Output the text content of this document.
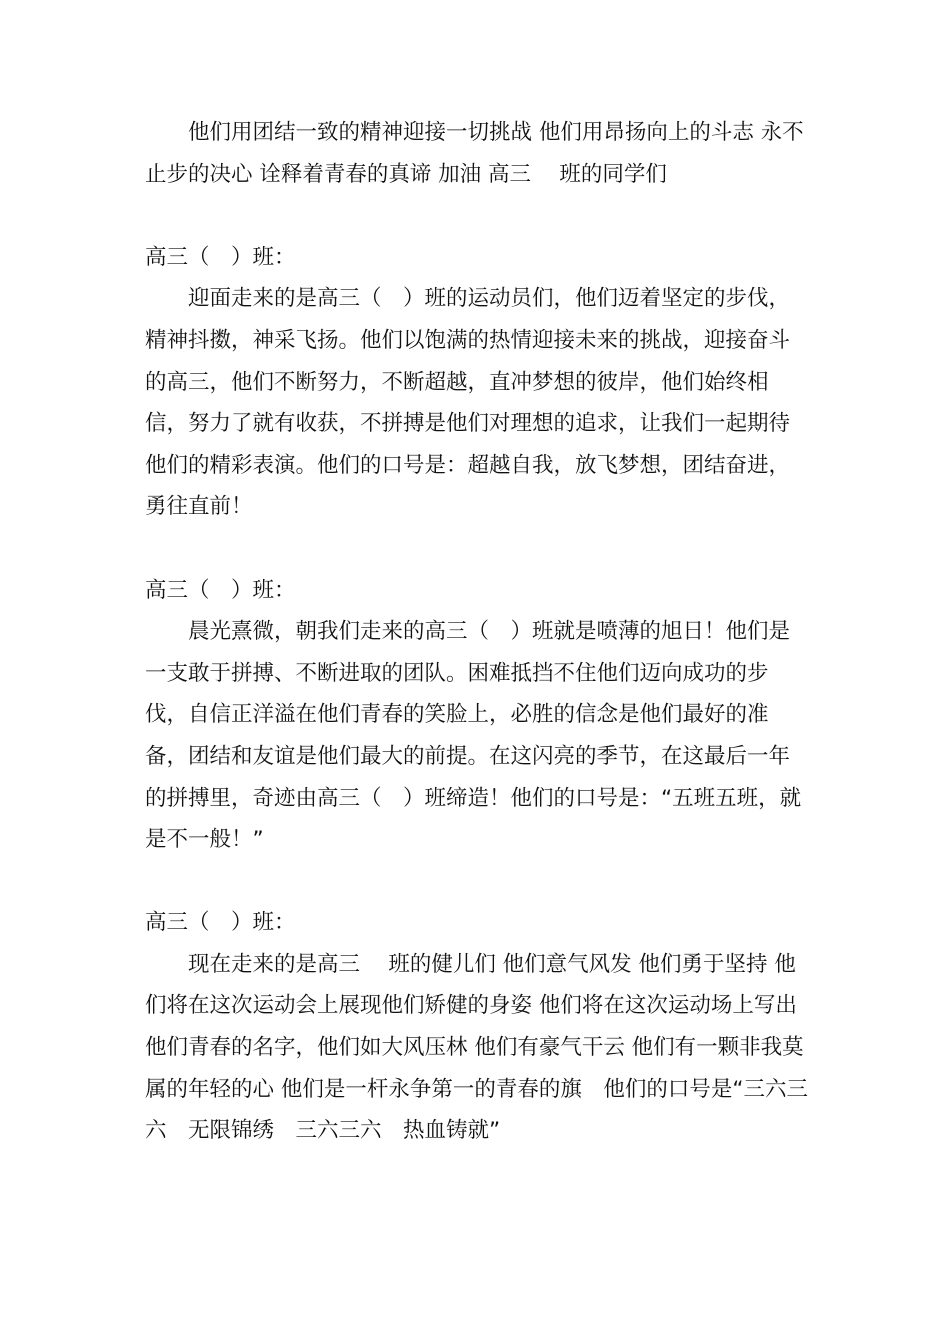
他们用团结一致的精神迎接一切挑战 他们用昂扬向上的斗志 永不止步的决心 诠释着青春的真谛 加油 高三　 班的同学们

高三（　）班：

迎面走来的是高三（　）班的运动员们，他们迈着坚定的步伐，精神抖擞，神采飞扬。他们以饱满的热情迎接未来的挑战，迎接奋斗的高三，他们不断努力，不断超越，直冲梦想的彼岸，他们始终相信，努力了就有收获，不拼搏是他们对理想的追求，让我们一起期待他们的精彩表演。他们的口号是：超越自我，放飞梦想，团结奋进，勇往直前！

高三（　）班：

晨光熹微，朝我们走来的高三（　）班就是喷薄的旭日！他们是一支敢于拼搏、不断进取的团队。困难抵挡不住他们迈向成功的步伐，自信正洋溢在他们青春的笑脸上，必胜的信念是他们最好的准备，团结和友谊是他们最大的前提。在这闪亮的季节，在这最后一年的拼搏里，奇迹由高三（　）班缔造！他们的口号是：“五班五班，就是不一般！”

高三（　）班：

现在走来的是高三　 班的健儿们 他们意气风发 他们勇于坚持 他们将在这次运动会上展现他们矫健的身姿 他们将在这次运动场上写出他们青春的名字，他们如大风压林 他们有豪气干云 他们有一颗非我莫属的年轻的心 他们是一杆永争第一的青春的旗　他们的口号是“三六三六　无限锦绣　三六三六　热血铸就”
